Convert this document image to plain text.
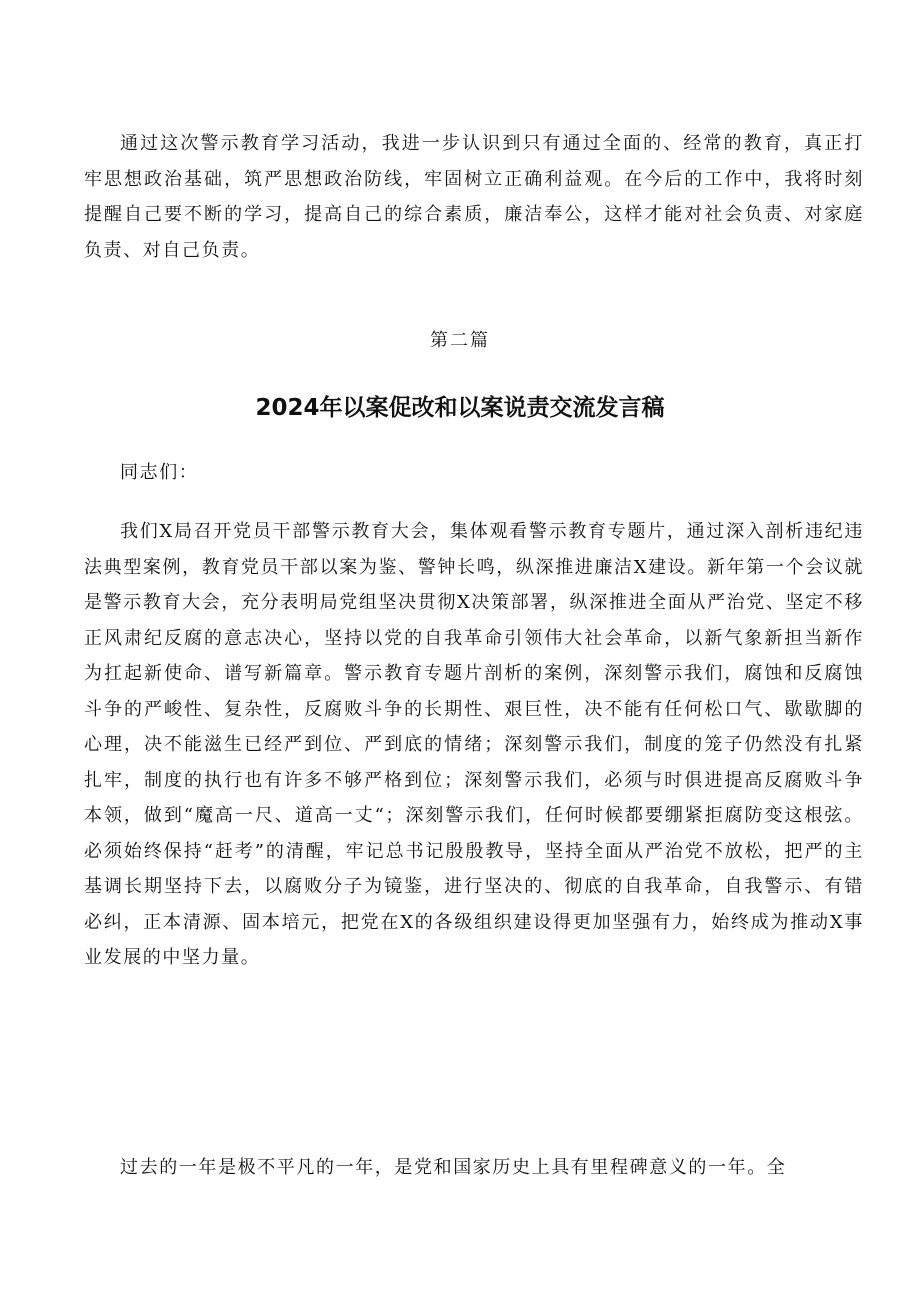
通过这次警示教育学习活动，我进一步认识到只有通过全面的、经常的教育，真正打牢思想政治基础，筑严思想政治防线，牢固树立正确利益观。在今后的工作中，我将时刻提醒自己要不断的学习，提高自己的综合素质，廉洁奉公，这样才能对社会负责、对家庭负责、对自己负责。

第二篇

2024年以案促改和以案说责交流发言稿

同志们：

我们X局召开党员干部警示教育大会，集体观看警示教育专题片，通过深入剖析违纪违法典型案例，教育党员干部以案为鉴、警钟长鸣，纵深推进廉洁X建设。新年第一个会议就是警示教育大会，充分表明局党组坚决贯彻X决策部署，纵深推进全面从严治党、坚定不移正风肃纪反腐的意志决心，坚持以党的自我革命引领伟大社会革命，以新气象新担当新作为扛起新使命、谱写新篇章。警示教育专题片剖析的案例，深刻警示我们，腐蚀和反腐蚀斗争的严峻性、复杂性，反腐败斗争的长期性、艰巨性，决不能有任何松口气、歇歇脚的心理，决不能滋生已经严到位、严到底的情绪；深刻警示我们，制度的笼子仍然没有扎紧扎牢，制度的执行也有许多不够严格到位；深刻警示我们，必须与时俱进提高反腐败斗争本领，做到“魔高一尺、道高一丈“；深刻警示我们，任何时候都要绷紧拒腐防变这根弦。必须始终保持“赶考”的清醒，牢记总书记殷殷教导，坚持全面从严治党不放松，把严的主基调长期坚持下去，以腐败分子为镜鉴，进行坚决的、彻底的自我革命，自我警示、有错必纠，正本清源、固本培元，把党在X的各级组织建设得更加坚强有力，始终成为推动X事业发展的中坚力量。

过去的一年是极不平凡的一年，是党和国家历史上具有里程碑意义的一年。全
